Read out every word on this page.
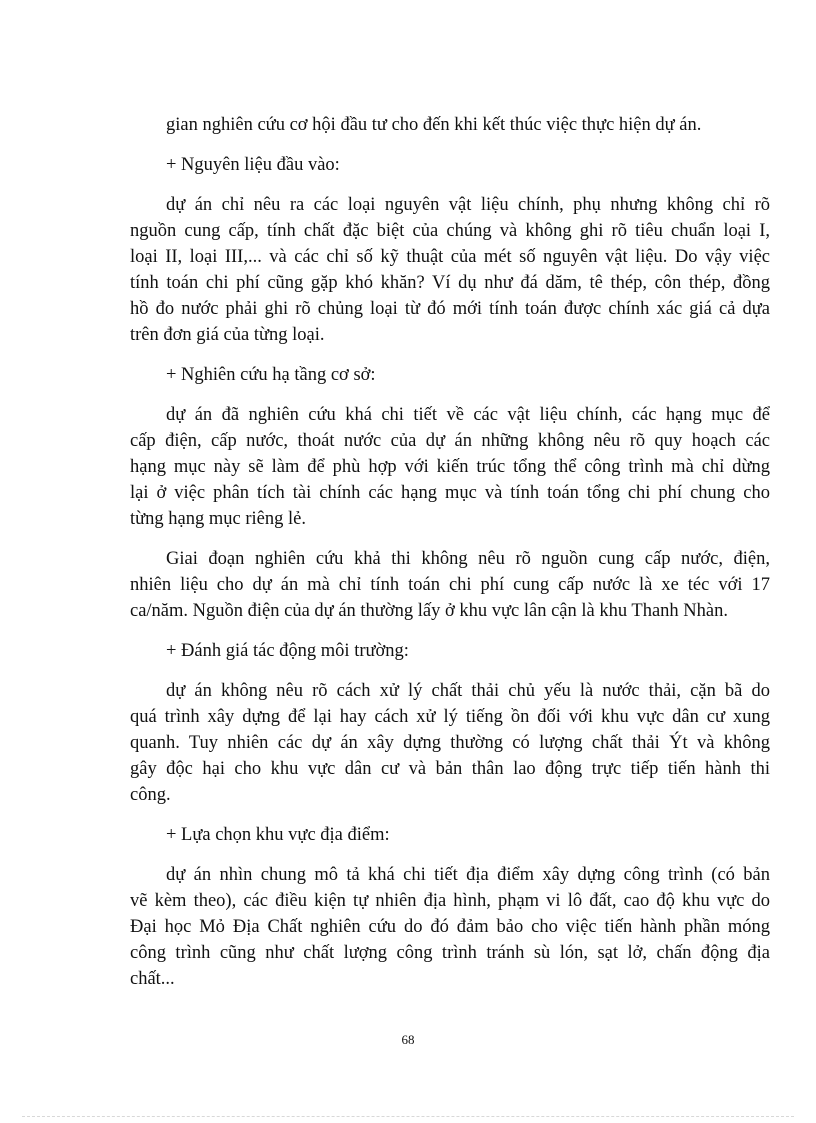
gian nghiên cứu cơ hội đầu tư cho đến khi kết thúc việc thực hiện dự án.

+ Nguyên liệu đầu vào:

dự án chỉ nêu ra các loại nguyên vật liệu chính, phụ nhưng không chỉ rõ
nguồn cung cấp, tính chất đặc biệt của chúng và không ghi rõ tiêu chuẩn loại I,
loại II, loại III,... và các chỉ số kỹ thuật của mét số nguyên vật liệu. Do vậy việc
tính toán chi phí cũng gặp khó khăn? Ví dụ như đá dăm, tê thép, côn thép, đồng
hồ đo nước phải ghi rõ chủng loại từ đó mới tính toán được chính xác giá cả dựa
trên đơn giá của từng loại.

+ Nghiên cứu hạ tầng cơ sở:

dự án đã nghiên cứu khá chi tiết về các vật liệu chính, các hạng mục để
cấp điện, cấp nước, thoát nước của dự án những không nêu rõ quy hoạch các
hạng mục này sẽ làm để phù hợp với kiến trúc tổng thể công trình mà chỉ dừng
lại ở việc phân tích tài chính các hạng mục và tính toán tổng chi phí chung cho
từng hạng mục riêng lẻ.

Giai đoạn nghiên cứu khả thi không nêu rõ nguồn cung cấp nước, điện,
nhiên liệu cho dự án mà chỉ tính toán chi phí cung cấp nước là xe téc với 17
ca/năm. Nguồn điện của dự án thường lấy ở khu vực lân cận là khu Thanh Nhàn.

+ Đánh giá tác động môi trường:

dự án không nêu rõ cách xử lý chất thải chủ yếu là nước thải, cặn bã do
quá trình xây dựng để lại hay cách xử lý tiếng ồn đối với khu vực dân cư xung
quanh. Tuy nhiên các dự án xây dựng thường có lượng chất thải Ýt và không
gây độc hại cho khu vực dân cư và bản thân lao động trực tiếp tiến hành thi
công.

+ Lựa chọn khu vực địa điểm:

dự án nhìn chung mô tả khá chi tiết địa điểm xây dựng công trình (có bản
vẽ kèm theo), các điều kiện tự nhiên địa hình, phạm vi lô đất, cao độ khu vực do
Đại học Mỏ Địa Chất nghiên cứu do đó đảm bảo cho việc tiến hành phần móng
công trình cũng như chất lượng công trình tránh sù lón, sạt lở, chấn động địa
chất...

68
